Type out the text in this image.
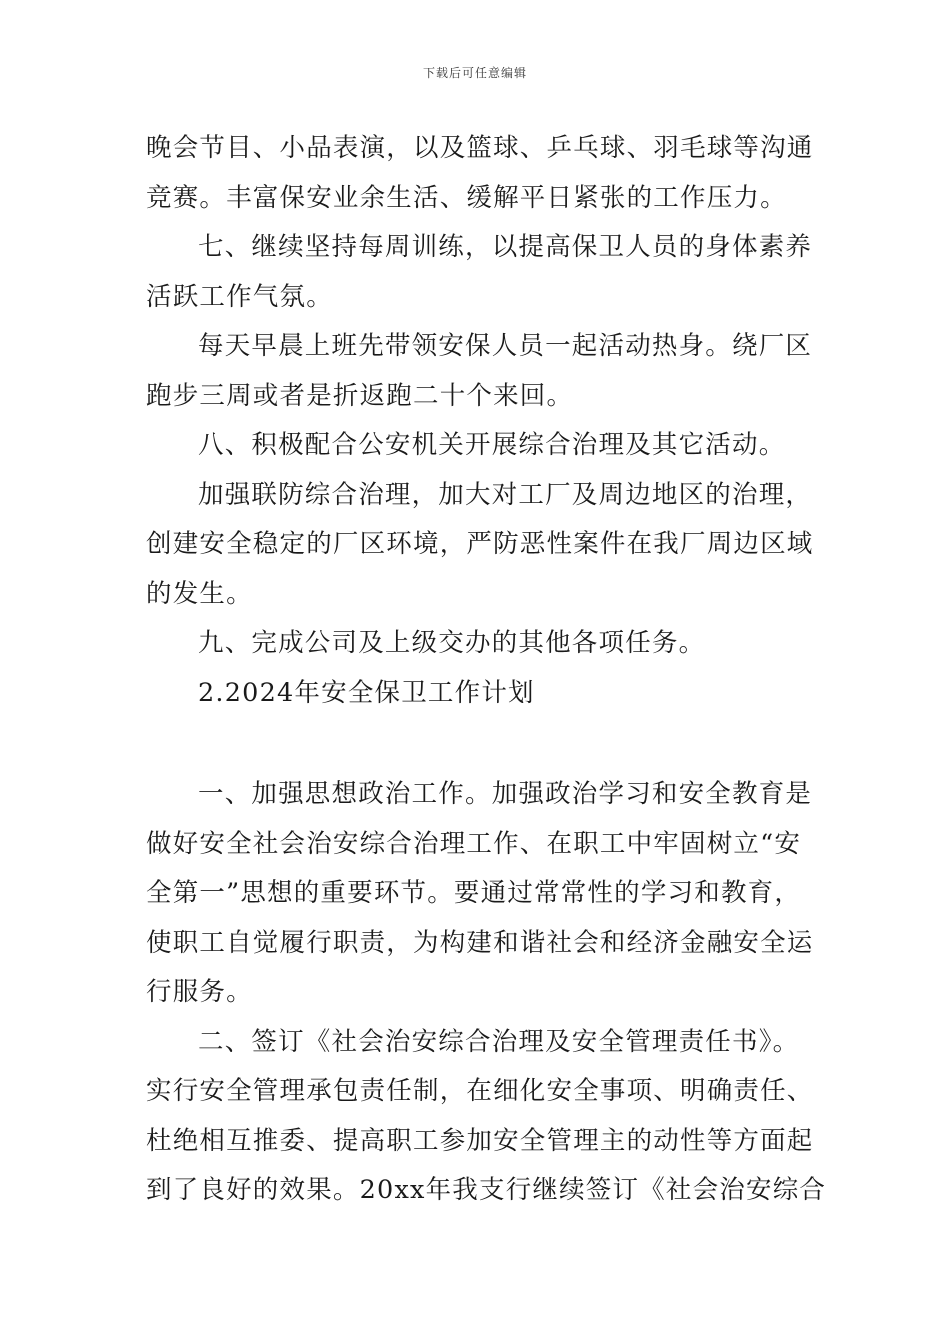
下载后可任意编辑
晚会节目、小品表演，以及篮球、乒乓球、羽毛球等沟通
竞赛。丰富保安业余生活、缓解平日紧张的工作压力。
七、继续坚持每周训练，以提高保卫人员的身体素养
活跃工作气氛。
每天早晨上班先带领安保人员一起活动热身。绕厂区
跑步三周或者是折返跑二十个来回。
八、积极配合公安机关开展综合治理及其它活动。
加强联防综合治理，加大对工厂及周边地区的治理，
创建安全稳定的厂区环境，严防恶性案件在我厂周边区域
的发生。
九、完成公司及上级交办的其他各项任务。
2.2024年安全保卫工作计划
一、加强思想政治工作。加强政治学习和安全教育是
做好安全社会治安综合治理工作、在职工中牢固树立“安
全第一”思想的重要环节。要通过常常性的学习和教育，
使职工自觉履行职责，为构建和谐社会和经济金融安全运
行服务。
二、签订《社会治安综合治理及安全管理责任书》。
实行安全管理承包责任制，在细化安全事项、明确责任、
杜绝相互推委、提高职工参加安全管理主的动性等方面起
到了良好的效果。20xx年我支行继续签订《社会治安综合
